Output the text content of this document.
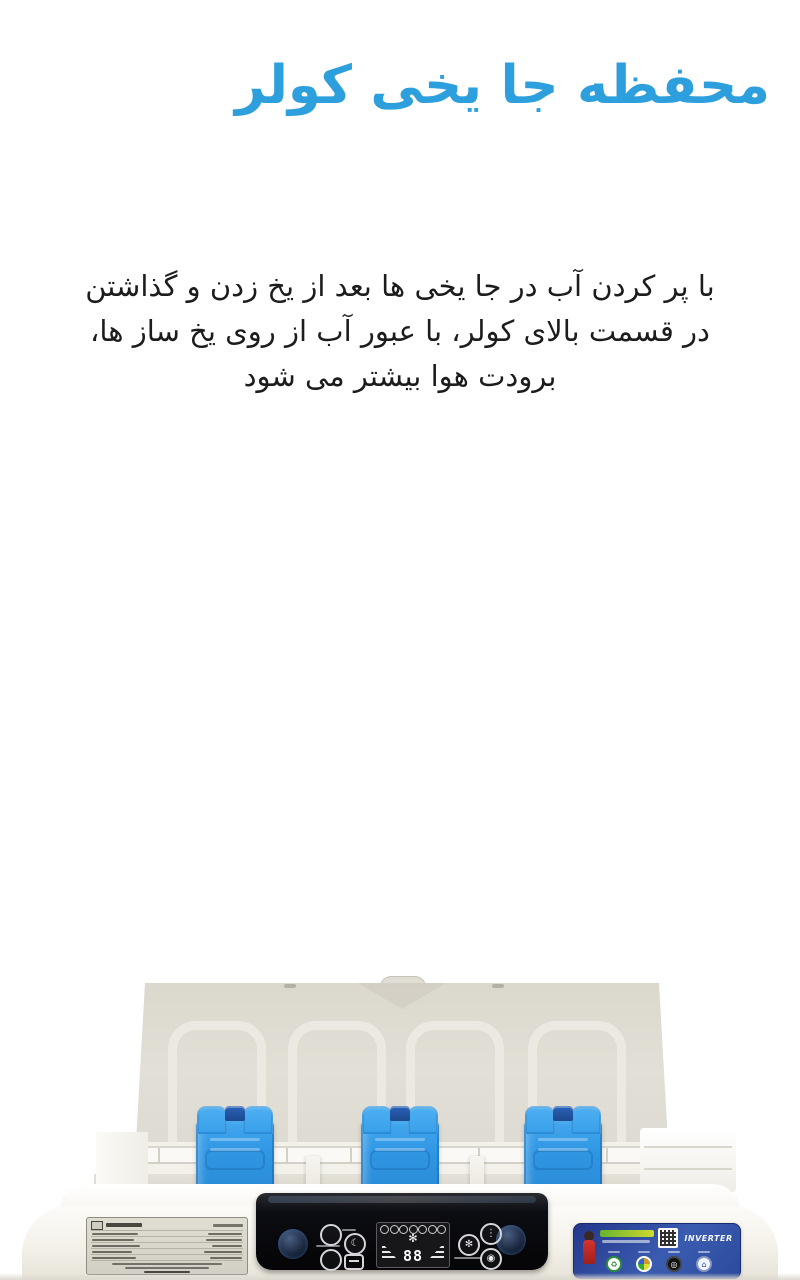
محفظه جا یخی کولر
با پر کردن آب در جا یخی ها بعد از یخ زدن و گذاشتن
در قسمت بالای کولر، با عبور آب از روی یخ ساز ها،
برودت هوا بیشتر می شود
☾	✻
⋮
◉
✻
88
INVERTER
♻	◎	⌂
